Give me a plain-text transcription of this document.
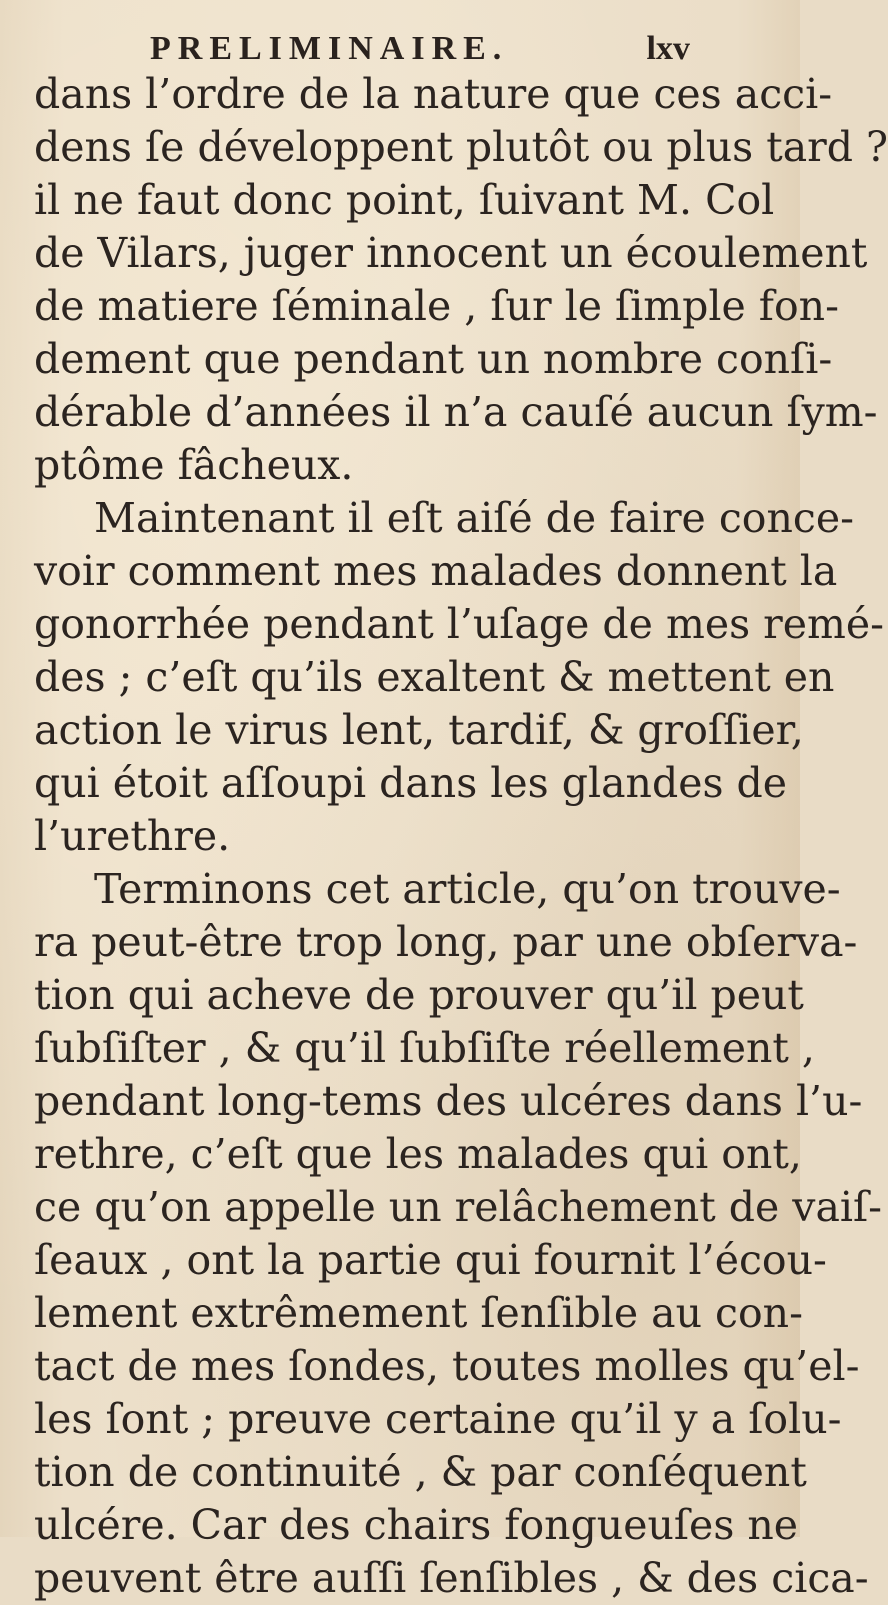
PRELIMINAIRE.	lxv
dans l’ordre de la nature que ces acci-
dens ſe développent plutôt ou plus tard ?
il ne faut donc point, ſuivant M. Col
de Vilars, juger innocent un écoulement
de matiere ſéminale , ſur le ſimple fon-
dement que pendant un nombre conſi-
dérable d’années il n’a cauſé aucun ſym-
ptôme fâcheux.
Maintenant il eſt aiſé de faire conce-
voir comment mes malades donnent la
gonorrhée pendant l’uſage de mes remé-
des ; c’eſt qu’ils exaltent & mettent en
action le virus lent, tardif, & groſſier,
qui étoit aſſoupi dans les glandes de
l’urethre.
Terminons cet article, qu’on trouve-
ra peut-être trop long, par une obſerva-
tion qui acheve de prouver qu’il peut
ſubſiſter , & qu’il ſubſiſte réellement ,
pendant long-tems des ulcéres dans l’u-
rethre, c’eſt que les malades qui ont,
ce qu’on appelle un relâchement de vaiſ-
ſeaux , ont la partie qui fournit l’écou-
lement extrêmement ſenſible au con-
tact de mes ſondes, toutes molles qu’el-
les ſont ; preuve certaine qu’il y a ſolu-
tion de continuité , & par conſéquent
ulcére. Car des chairs fongueuſes ne
peuvent être auſſi ſenſibles , & des cica-
